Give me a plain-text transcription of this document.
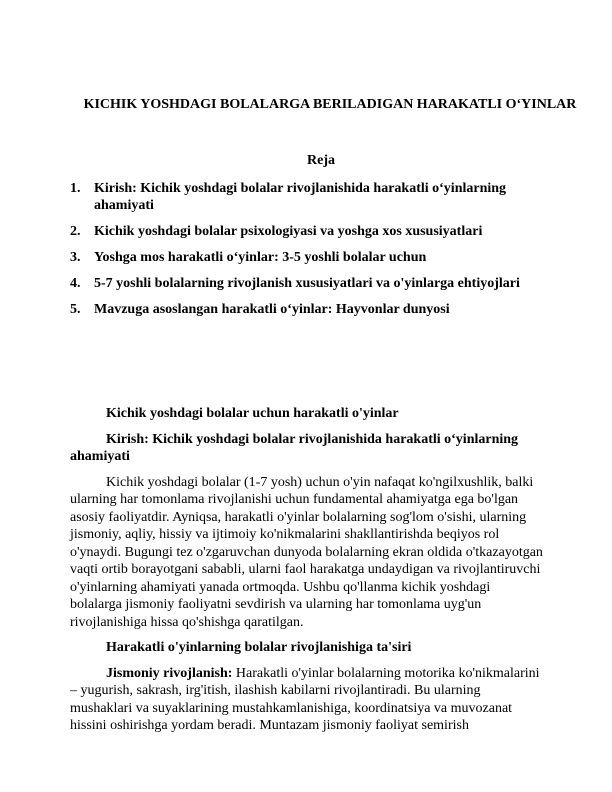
KICHIK YOSHDAGI BOLALARGA BERILADIGAN HARAKATLI O‘YINLAR
Reja
1. Kirish: Kichik yoshdagi bolalar rivojlanishida harakatli o‘yinlarning ahamiyati
2. Kichik yoshdagi bolalar psixologiyasi va yoshga xos xususiyatlari
3. Yoshga mos harakatli o‘yinlar: 3-5 yoshli bolalar uchun
4. 5-7 yoshli bolalarning rivojlanish xususiyatlari va o'yinlarga ehtiyojlari
5. Mavzuga asoslangan harakatli o‘yinlar: Hayvonlar dunyosi

Kichik yoshdagi bolalar uchun harakatli o'yinlar

Kirish: Kichik yoshdagi bolalar rivojlanishida harakatli o‘yinlarning ahamiyati

Kichik yoshdagi bolalar (1-7 yosh) uchun o'yin nafaqat ko'ngilxushlik, balki ularning har tomonlama rivojlanishi uchun fundamental ahamiyatga ega bo'lgan asosiy faoliyatdir. Ayniqsa, harakatli o'yinlar bolalarning sog'lom o'sishi, ularning jismoniy, aqliy, hissiy va ijtimoiy ko'nikmalarini shakllantirishda beqiyos rol o'ynaydi. Bugungi tez o'zgaruvchan dunyoda bolalarning ekran oldida o'tkazayotgan vaqti ortib borayotgani sababli, ularni faol harakatga undaydigan va rivojlantiruvchi o'yinlarning ahamiyati yanada ortmoqda. Ushbu qo'llanma kichik yoshdagi bolalarga jismoniy faoliyatni sevdirish va ularning har tomonlama uyg'un rivojlanishiga hissa qo'shishga qaratilgan.

Harakatli o'yinlarning bolalar rivojlanishiga ta'siri

Jismoniy rivojlanish: Harakatli o'yinlar bolalarning motorika ko'nikmalarini – yugurish, sakrash, irg'itish, ilashish kabilarni rivojlantiradi. Bu ularning mushaklari va suyaklarining mustahkamlanishiga, koordinatsiya va muvozanat hissini oshirishga yordam beradi. Muntazam jismoniy faoliyat semirish
